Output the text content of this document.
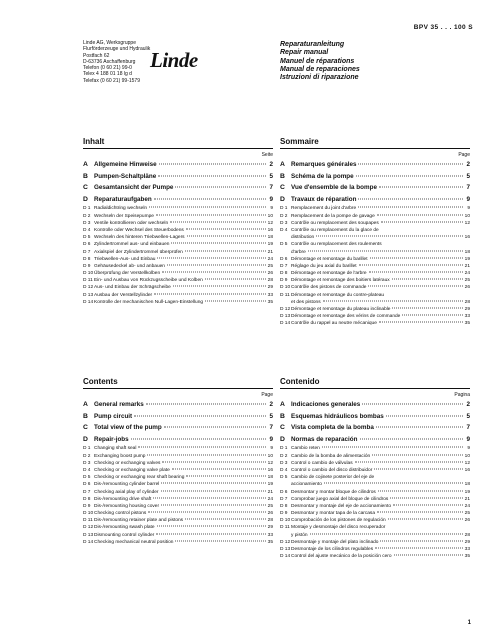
BPV 35 . . . 100 S
Linde AG, Werksgruppe
Flurförderzeuge und Hydraulik
Postfach 62
D-63736 Aschaffenburg
Telefon (0 60 21) 99-0
Telex 4 188 01 18 lg d
Telefax (0 60 21) 99-1579
Linde
Reparaturanleitung
Repair manual
Manuel de réparations
Manual de reparaciones
Istruzioni di riparazione
Inhalt
Seite
A Allgemeine Hinweise	2
B Pumpen-Schaltpläne	5
C Gesamtansicht der Pumpe	7
D Reparaturaufgaben	9
D 1 Radialdichtring wechseln	9
D 2 Wechseln der Speisepumpe	10
D 3 Ventile kontrollieren oder wechseln	12
D 4 Kontrolle oder Wechsel des Steuerbodens	16
D 5 Wechseln des hinteren Triebwellen-Lagers	18
D 6 Zylindertrommel aus- und einbauen	19
D 7 Axialspiel der Zylindertrommel überprüfen	21
D 8 Triebwellen-Aus- und Einbau	24
D 9 Gehäusedeckel ab- und anbauen	25
D 10 Überprüfung der Verstellkolben	26
D 11 Ein- und Ausbau von Rückzugsscheibe und Kolben	28
D 12 Aus- und Einbau der Schrägscheibe	29
D 13 Ausbau der Verstellzylinder	33
D 14 Kontrolle der mechanischen Null-Lagen-Einstellung	35
Sommaire
Page
A Remarques générales	2
B Schéma de la pompe	5
C Vue d'ensemble de la bompe	7
D Travaux de réparation	9
D 1 Remplacement du joint d'arbre	9
D 2 Remplacement de la pompe de gavage	10
D 3 Contrôle ou remplacement des soupapes	12
D 4 Contrôle ou remplacement du la glace de
distribution	16
D 5 Contrôle ou remplacement des roulements
d'arbre	18
D 6 Démontage et remontage du barillet	19
D 7 Réglage du jeu axial du barillet	21
D 8 Démontage et remontage de l'arbre	24
D 9 Démontage et remontage des boitiers latéraux	25
D 10 Contrôle des pistons de commande	26
D 11 Démontage et remontage du contre-plateau
et des pistons	28
D 12 Démontage et remontage du plateau inclinable	29
D 13 Démontage et remontage des vérins de commande	33
D 14 Contrôle du rappel au neutre mécanique	35
Contents
Page
A General remarks	2
B Pump circuit	5
C Total view of the pump	7
D Repair-jobs	9
D 1 Changing shaft seal	9
D 2 Exchanging boost pump	10
D 3 Checking or exchanging valves	12
D 4 Checking or exchanging valve plate	16
D 5 Checking or exchanging rear shaft bearing	18
D 6 Dis-/remounting cylinder barrel	19
D 7 Checking axial play of cylinder	21
D 8 Dis-/remounting drive shaft	24
D 9 Dis-/remounting housing cover	25
D 10 Checking control pistons	26
D 11 Dis-/remounting retainer plate and pistons	28
D 12 Dis-/remounting swash plate	29
D 13 Dismounting control cylinder	33
D 14 Checking mechanical neutral position	35
Contenido
Pagina
A Indicaciones generales	2
B Esquemas hidráulicos bombas	5
C Vista completa de la bomba	7
D Normas de reparación	9
D 1 Cambio reten	9
D 2 Cambio de la bomba de alimentación	10
D 3 Control o cambio de válvulas	12
D 4 Control o cambio del disco distribuidor	16
D 5 Cambio de cojinete posterior del eje de
accionamiento	18
D 6 Desmontar y montar bloque de cilindros	19
D 7 Comprobar juego axial del bloque de cilindros	21
D 8 Desmontar y montaje del eje de accionamiento	24
D 9 Desmontar y montar tapa de la carcasa	25
D 10 Comprobación de los pistones de regulación	26
D 11 Montaje y desmontaje del disco recuperador
y pistón	28
D 12 Desmontaje y montaje del plato inclinado	29
D 13 Desmontaje de los cilindros regulables	33
D 14 Control del ajuste mecánico de la posición cero	35
1
